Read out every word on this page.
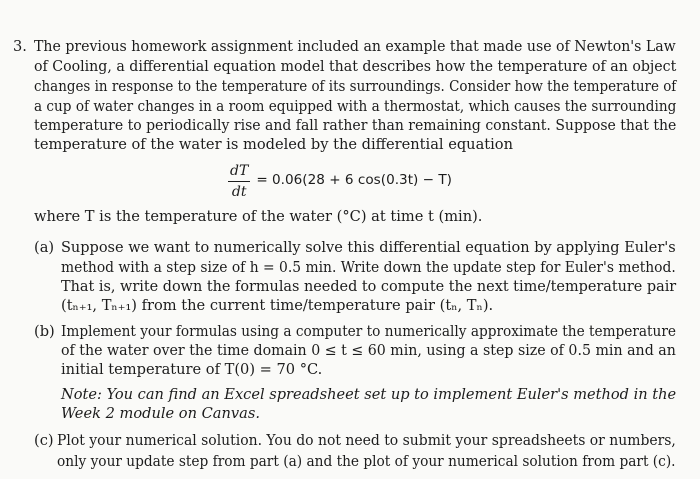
3. The previous homework assignment included an example that made use of Newton's Law
of Cooling, a differential equation model that describes how the temperature of an object
changes in response to the temperature of its surroundings. Consider how the temperature of
a cup of water changes in a room equipped with a thermostat, which causes the surrounding
temperature to periodically rise and fall rather than remaining constant. Suppose that the
temperature of the water is modeled by the differential equation
$\frac{dT}{dt} = 0.06(28 + 6$ cos(0.3t) − T)
where T is the temperature of the water (°C) at time t (min).
(a) Suppose we want to numerically solve this differential equation by applying Euler's
method with a step size of h = 0.5 min. Write down the update step for Euler's method.
That is, write down the formulas needed to compute the next time/temperature pair
(tₙ₊₁, Tₙ₊₁) from the current time/temperature pair (tₙ, Tₙ).
(b) Implement your formulas using a computer to numerically approximate the temperature
of the water over the time domain 0 ≤ t ≤ 60 min, using a step size of 0.5 min and an
initial temperature of T(0) = 70 °C.
Note: You can find an Excel spreadsheet set up to implement Euler's method in the
Week 2 module on Canvas.
(c) Plot your numerical solution. You do not need to submit your spreadsheets or numbers,
only your update step from part (a) and the plot of your numerical solution from part (c).
